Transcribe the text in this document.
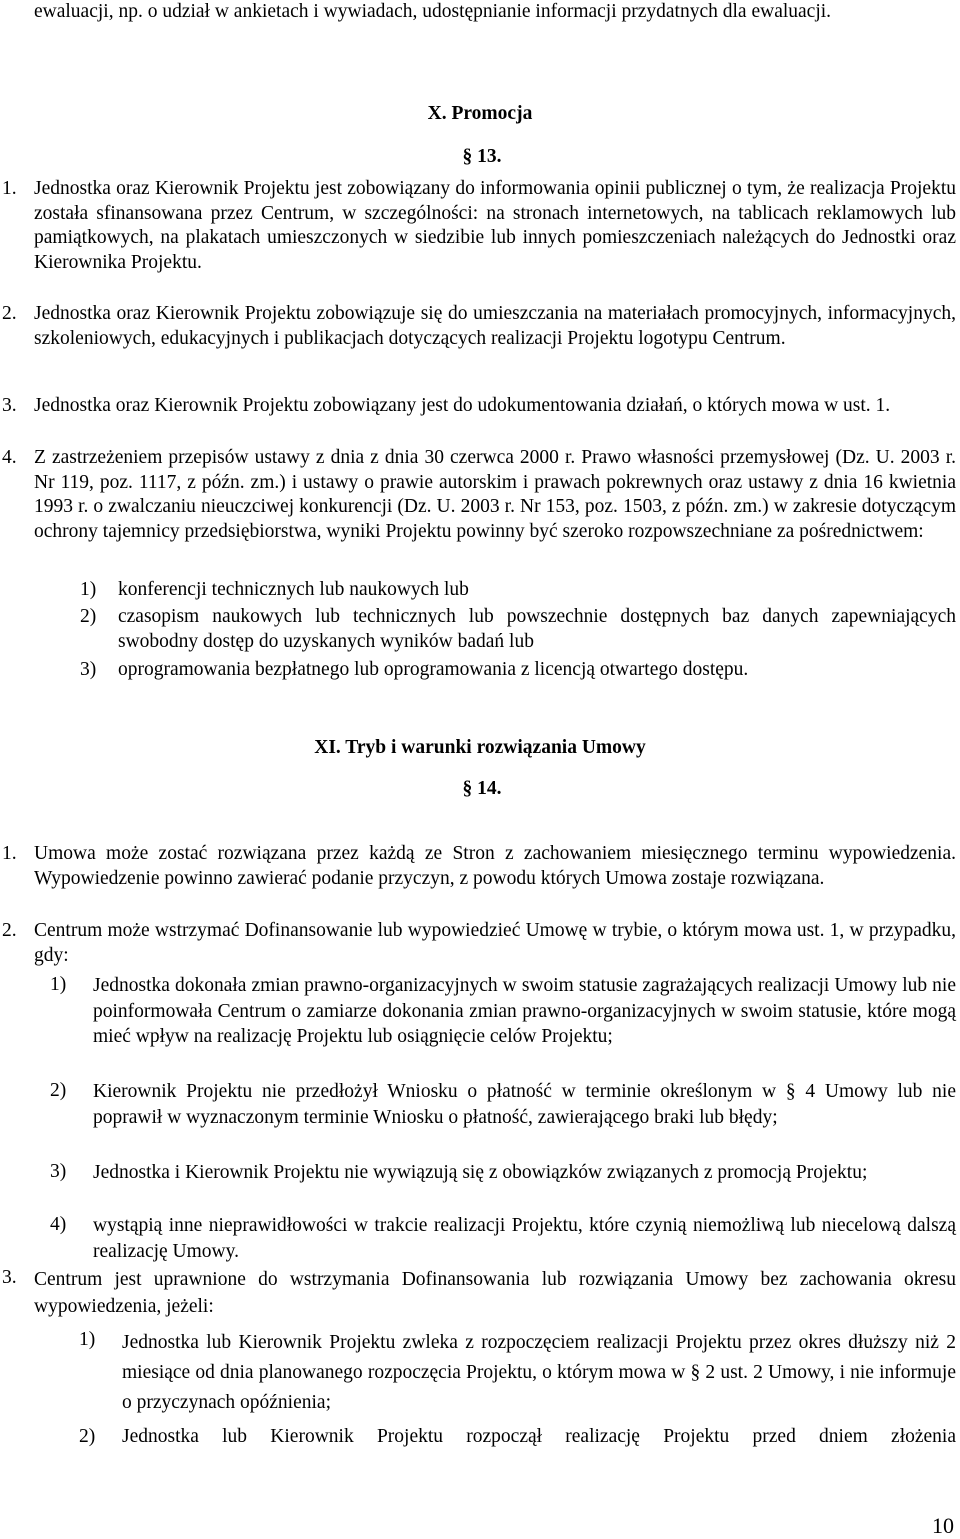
ewaluacji, np. o udział w ankietach i wywiadach, udostępnianie informacji przydatnych dla ewaluacji.

X. Promocja
§ 13.
1. Jednostka oraz Kierownik Projektu jest zobowiązany do informowania opinii publicznej o tym, że realizacja Projektu została sfinansowana przez Centrum, w szczególności: na stronach internetowych, na tablicach reklamowych lub pamiątkowych, na plakatach umieszczonych w siedzibie lub innych pomieszczeniach należących do Jednostki oraz Kierownika Projektu.

2. Jednostka oraz Kierownik Projektu zobowiązuje się do umieszczania na materiałach promocyjnych, informacyjnych, szkoleniowych, edukacyjnych i publikacjach dotyczących realizacji Projektu logotypu Centrum.

3. Jednostka oraz Kierownik Projektu zobowiązany jest do udokumentowania działań, o których mowa w ust. 1.

4. Z zastrzeżeniem przepisów ustawy z dnia z dnia 30 czerwca 2000 r. Prawo własności przemysłowej (Dz. U. 2003 r. Nr 119, poz. 1117, z późn. zm.) i ustawy o prawie autorskim i prawach pokrewnych oraz ustawy z dnia 16 kwietnia 1993 r. o zwalczaniu nieuczciwej konkurencji (Dz. U. 2003 r. Nr 153, poz. 1503, z późn. zm.) w zakresie dotyczącym ochrony tajemnicy przedsiębiorstwa, wyniki Projektu powinny być szeroko rozpowszechniane za pośrednictwem:

1) konferencji technicznych lub naukowych lub

2) czasopism naukowych lub technicznych lub powszechnie dostępnych baz danych zapewniających swobodny dostęp do uzyskanych wyników badań lub

3) oprogramowania bezpłatnego lub oprogramowania z licencją otwartego dostępu.

XI. Tryb i warunki rozwiązania Umowy
§ 14.
1. Umowa może zostać rozwiązana przez każdą ze Stron z zachowaniem miesięcznego terminu wypowiedzenia. Wypowiedzenie powinno zawierać podanie przyczyn, z powodu których Umowa zostaje rozwiązana.

2. Centrum może wstrzymać Dofinansowanie lub wypowiedzieć Umowę w trybie, o którym mowa ust. 1, w przypadku, gdy:

1) Jednostka dokonała zmian prawno-organizacyjnych w swoim statusie zagrażających realizacji Umowy lub nie poinformowała Centrum o zamiarze dokonania zmian prawno-organizacyjnych w swoim statusie, które mogą mieć wpływ na realizację Projektu lub osiągnięcie celów Projektu;

2) Kierownik Projektu nie przedłożył Wniosku o płatność w terminie określonym w § 4 Umowy lub nie poprawił w wyznaczonym terminie Wniosku o płatność, zawierającego braki lub błędy;

3) Jednostka i Kierownik Projektu nie wywiązują się z obowiązków związanych z promocją Projektu;

4) wystąpią inne nieprawidłowości w trakcie realizacji Projektu, które czynią niemożliwą lub niecelową dalszą realizację Umowy.

3. Centrum jest uprawnione do wstrzymania Dofinansowania lub rozwiązania Umowy bez zachowania okresu wypowiedzenia, jeżeli:

1) Jednostka lub Kierownik Projektu zwleka z rozpoczęciem realizacji Projektu przez okres dłuższy niż 2 miesiące od dnia planowanego rozpoczęcia Projektu, o którym mowa w § 2 ust. 2 Umowy, i nie informuje o przyczynach opóźnienia;

2) Jednostka lub Kierownik Projektu rozpoczął realizację Projektu przed dniem złożenia

10
